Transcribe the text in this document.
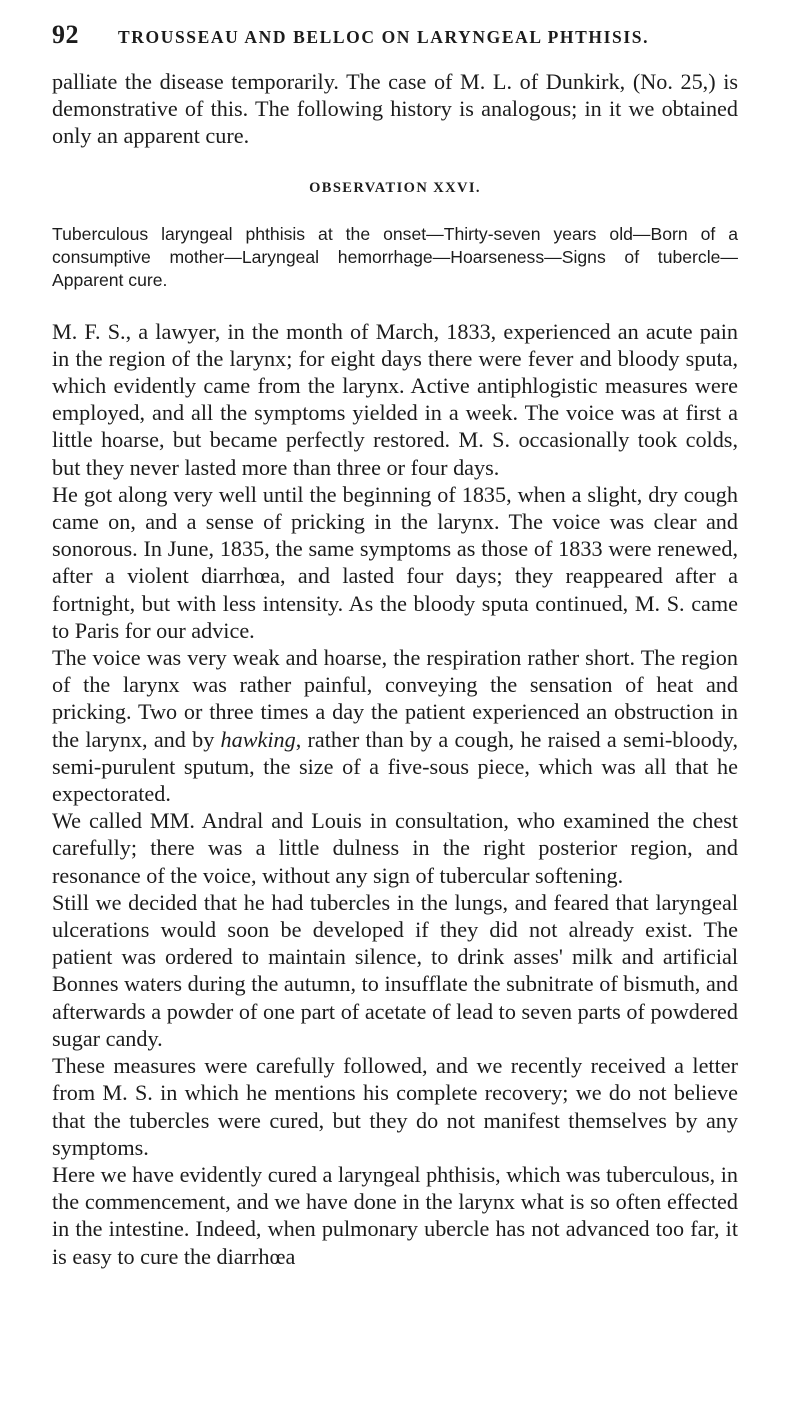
92	TROUSSEAU AND BELLOC ON LARYNGEAL PHTHISIS.

palliate the disease temporarily. The case of M. L. of Dunkirk, (No. 25,) is demonstrative of this. The following history is analogous; in it we obtained only an apparent cure.

OBSERVATION XXVI.

Tuberculous laryngeal phthisis at the onset—Thirty-seven years old—Born of a consumptive mother—Laryngeal hemorrhage—Hoarseness—Signs of tubercle—Apparent cure.

M. F. S., a lawyer, in the month of March, 1833, experienced an acute pain in the region of the larynx; for eight days there were fever and bloody sputa, which evidently came from the larynx. Active antiphlogistic measures were employed, and all the symptoms yielded in a week. The voice was at first a little hoarse, but became perfectly restored. M. S. occasionally took colds, but they never lasted more than three or four days.

He got along very well until the beginning of 1835, when a slight, dry cough came on, and a sense of pricking in the larynx. The voice was clear and sonorous. In June, 1835, the same symptoms as those of 1833 were renewed, after a violent diarrhœa, and lasted four days; they reappeared after a fortnight, but with less intensity. As the bloody sputa continued, M. S. came to Paris for our advice.

The voice was very weak and hoarse, the respiration rather short. The region of the larynx was rather painful, conveying the sensation of heat and pricking. Two or three times a day the patient experienced an obstruction in the larynx, and by hawking, rather than by a cough, he raised a semi-bloody, semi-purulent sputum, the size of a five-sous piece, which was all that he expectorated.

We called MM. Andral and Louis in consultation, who examined the chest carefully; there was a little dulness in the right posterior region, and resonance of the voice, without any sign of tubercular softening.

Still we decided that he had tubercles in the lungs, and feared that laryngeal ulcerations would soon be developed if they did not already exist. The patient was ordered to maintain silence, to drink asses' milk and artificial Bonnes waters during the autumn, to insufflate the subnitrate of bismuth, and afterwards a powder of one part of acetate of lead to seven parts of powdered sugar candy.

These measures were carefully followed, and we recently received a letter from M. S. in which he mentions his complete recovery; we do not believe that the tubercles were cured, but they do not manifest themselves by any symptoms.

Here we have evidently cured a laryngeal phthisis, which was tuberculous, in the commencement, and we have done in the larynx what is so often effected in the intestine. Indeed, when pulmonary ubercle has not advanced too far, it is easy to cure the diarrhœa
